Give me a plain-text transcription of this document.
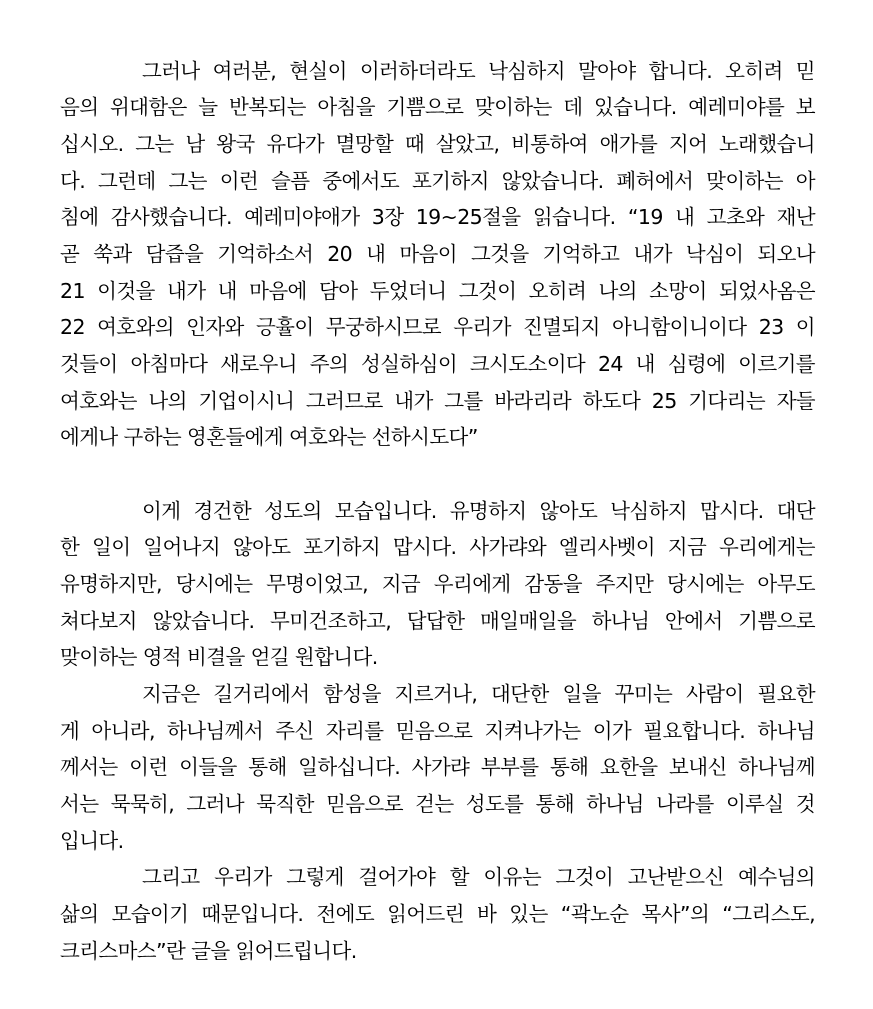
그러나 여러분, 현실이 이러하더라도 낙심하지 말아야 합니다. 오히려 믿
음의 위대함은 늘 반복되는 아침을 기쁨으로 맞이하는 데 있습니다. 예레미야를 보
십시오. 그는 남 왕국 유다가 멸망할 때 살았고, 비통하여 애가를 지어 노래했습니
다. 그런데 그는 이런 슬픔 중에서도 포기하지 않았습니다. 폐허에서 맞이하는 아
침에 감사했습니다. 예레미야애가 3장 19~25절을 읽습니다. “19 내 고초와 재난
곧 쑥과 담즙을 기억하소서 20 내 마음이 그것을 기억하고 내가 낙심이 되오나
21 이것을 내가 내 마음에 담아 두었더니 그것이 오히려 나의 소망이 되었사옴은
22 여호와의 인자와 긍휼이 무궁하시므로 우리가 진멸되지 아니함이니이다 23 이
것들이 아침마다 새로우니 주의 성실하심이 크시도소이다 24 내 심령에 이르기를
여호와는 나의 기업이시니 그러므로 내가 그를 바라리라 하도다 25 기다리는 자들
에게나 구하는 영혼들에게 여호와는 선하시도다”
이게 경건한 성도의 모습입니다. 유명하지 않아도 낙심하지 맙시다. 대단
한 일이 일어나지 않아도 포기하지 맙시다. 사가랴와 엘리사벳이 지금 우리에게는
유명하지만, 당시에는 무명이었고, 지금 우리에게 감동을 주지만 당시에는 아무도
쳐다보지 않았습니다. 무미건조하고, 답답한 매일매일을 하나님 안에서 기쁨으로
맞이하는 영적 비결을 얻길 원합니다.
지금은 길거리에서 함성을 지르거나, 대단한 일을 꾸미는 사람이 필요한
게 아니라, 하나님께서 주신 자리를 믿음으로 지켜나가는 이가 필요합니다. 하나님
께서는 이런 이들을 통해 일하십니다. 사가랴 부부를 통해 요한을 보내신 하나님께
서는 묵묵히, 그러나 묵직한 믿음으로 걷는 성도를 통해 하나님 나라를 이루실 것
입니다.
그리고 우리가 그렇게 걸어가야 할 이유는 그것이 고난받으신 예수님의
삶의 모습이기 때문입니다. 전에도 읽어드린 바 있는 “곽노순 목사”의 “그리스도,
크리스마스”란 글을 읽어드립니다.
